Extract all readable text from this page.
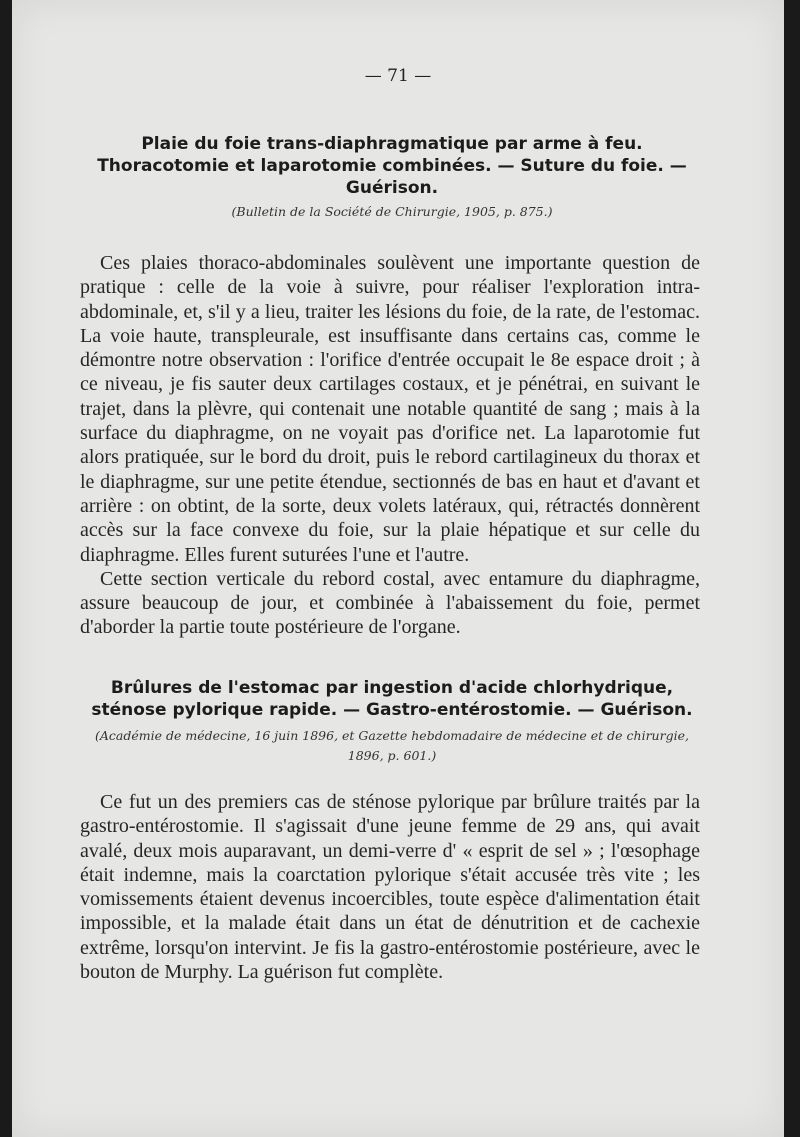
— 71 —
Plaie du foie trans-diaphragmatique par arme à feu.
Thoracotomie et laparotomie combinées. — Suture du foie. —
Guérison.
(Bulletin de la Société de Chirurgie, 1905, p. 875.)

Ces plaies thoraco-abdominales soulèvent une importante question de pratique : celle de la voie à suivre, pour réaliser l'exploration intra-abdominale, et, s'il y a lieu, traiter les lésions du foie, de la rate, de l'estomac. La voie haute, transpleurale, est insuffisante dans certains cas, comme le démontre notre observation : l'orifice d'entrée occupait le 8e espace droit ; à ce niveau, je fis sauter deux cartilages costaux, et je pénétrai, en suivant le trajet, dans la plèvre, qui contenait une notable quantité de sang ; mais à la surface du diaphragme, on ne voyait pas d'orifice net. La laparotomie fut alors pratiquée, sur le bord du droit, puis le rebord cartilagineux du thorax et le diaphragme, sur une petite étendue, sectionnés de bas en haut et d'avant et arrière : on obtint, de la sorte, deux volets latéraux, qui, rétractés donnèrent accès sur la face convexe du foie, sur la plaie hépatique et sur celle du diaphragme. Elles furent suturées l'une et l'autre.

Cette section verticale du rebord costal, avec entamure du diaphragme, assure beaucoup de jour, et combinée à l'abaissement du foie, permet d'aborder la partie toute postérieure de l'organe.

Brûlures de l'estomac par ingestion d'acide chlorhydrique,
sténose pylorique rapide. — Gastro-entérostomie. — Guérison.
(Académie de médecine, 16 juin 1896, et Gazette hebdomadaire de médecine et de chirurgie,
1896, p. 601.)

Ce fut un des premiers cas de sténose pylorique par brûlure traités par la gastro-entérostomie. Il s'agissait d'une jeune femme de 29 ans, qui avait avalé, deux mois auparavant, un demi-verre d' « esprit de sel » ; l'œsophage était indemne, mais la coarctation pylorique s'était accusée très vite ; les vomissements étaient devenus incoercibles, toute espèce d'alimentation était impossible, et la malade était dans un état de dénutrition et de cachexie extrême, lorsqu'on intervint. Je fis la gastro-entérostomie postérieure, avec le bouton de Murphy. La guérison fut complète.
